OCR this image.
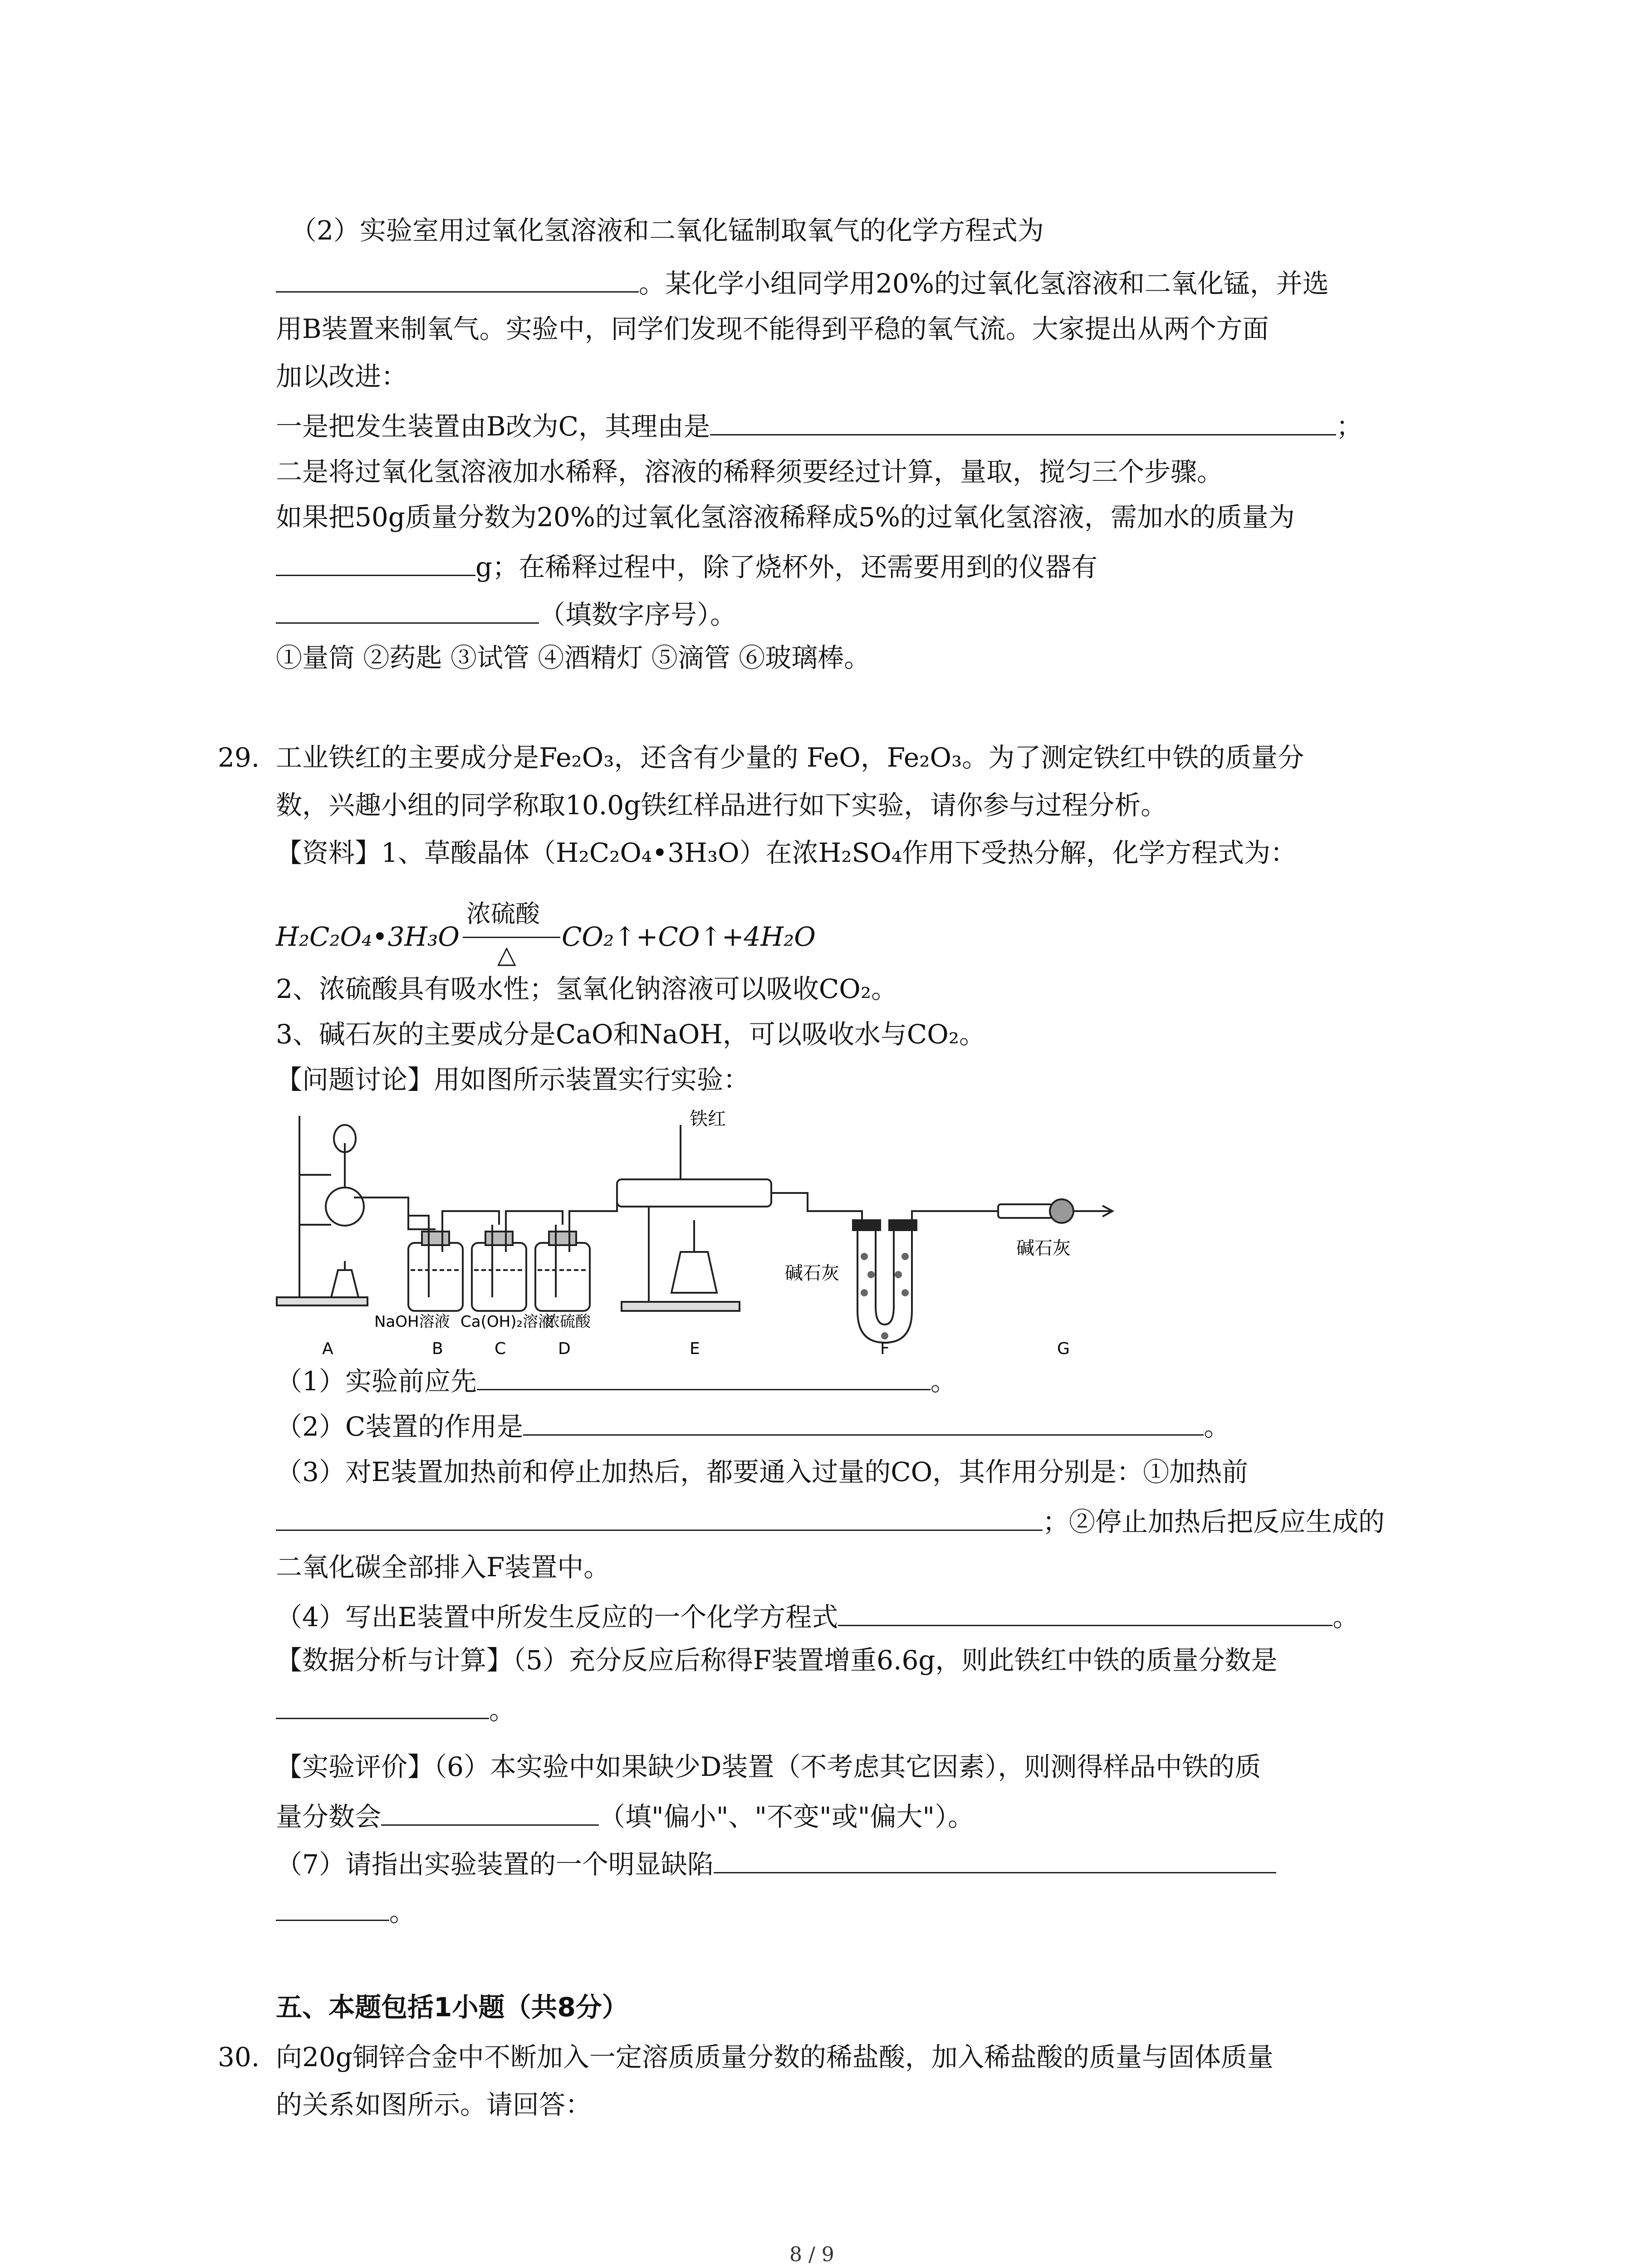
（2）实验室用过氧化氢溶液和二氧化锰制取氧气的化学方程式为
。某化学小组同学用20%的过氧化氢溶液和二氧化锰，并选
用B装置来制氧气。实验中，同学们发现不能得到平稳的氧气流。大家提出从两个方面
加以改进：
一是把发生装置由B改为C，其理由是	；
二是将过氧化氢溶液加水稀释，溶液的稀释须要经过计算，量取，搅匀三个步骤。
如果把50g质量分数为20%的过氧化氢溶液稀释成5%的过氧化氢溶液，需加水的质量为
g；在稀释过程中，除了烧杯外，还需要用到的仪器有
（填数字序号）。
①量筒 ②药匙 ③试管 ④酒精灯 ⑤滴管 ⑥玻璃棒。
29. 工业铁红的主要成分是Fe₂O₃，还含有少量的 FeO，Fe₂O₃。为了测定铁红中铁的质量分
数，兴趣小组的同学称取10.0g铁红样品进行如下实验，请你参与过程分析。
【资料】1、草酸晶体（H₂C₂O₄•3H₃O）在浓H₂SO₄作用下受热分解，化学方程式为：
H₂C₂O₄•3H₃O
浓硫酸
△
CO₂↑+CO↑+4H₂O
2、浓硫酸具有吸水性；氢氧化钠溶液可以吸收CO₂。
3、碱石灰的主要成分是CaO和NaOH，可以吸收水与CO₂。
【问题讨论】用如图所示装置实行实验：
铁红
碱石灰
碱石灰
NaOH溶液 Ca(OH)₂溶液
浓硫酸
A	B	C	D	E	F	G
（1）实验前应先	。
（2）C装置的作用是	。
（3）对E装置加热前和停止加热后，都要通入过量的CO，其作用分别是：①加热前
；②停止加热后把反应生成的
二氧化碳全部排入F装置中。
（4）写出E装置中所发生反应的一个化学方程式	。
【数据分析与计算】（5）充分反应后称得F装置增重6.6g，则此铁红中铁的质量分数是
。
【实验评价】（6）本实验中如果缺少D装置（不考虑其它因素），则测得样品中铁的质
量分数会	（填"偏小"、"不变"或"偏大"）。
（7）请指出实验装置的一个明显缺陷
。
五、本题包括1小题（共8分）
30. 向20g铜锌合金中不断加入一定溶质质量分数的稀盐酸，加入稀盐酸的质量与固体质量
的关系如图所示。请回答：
8 / 9
